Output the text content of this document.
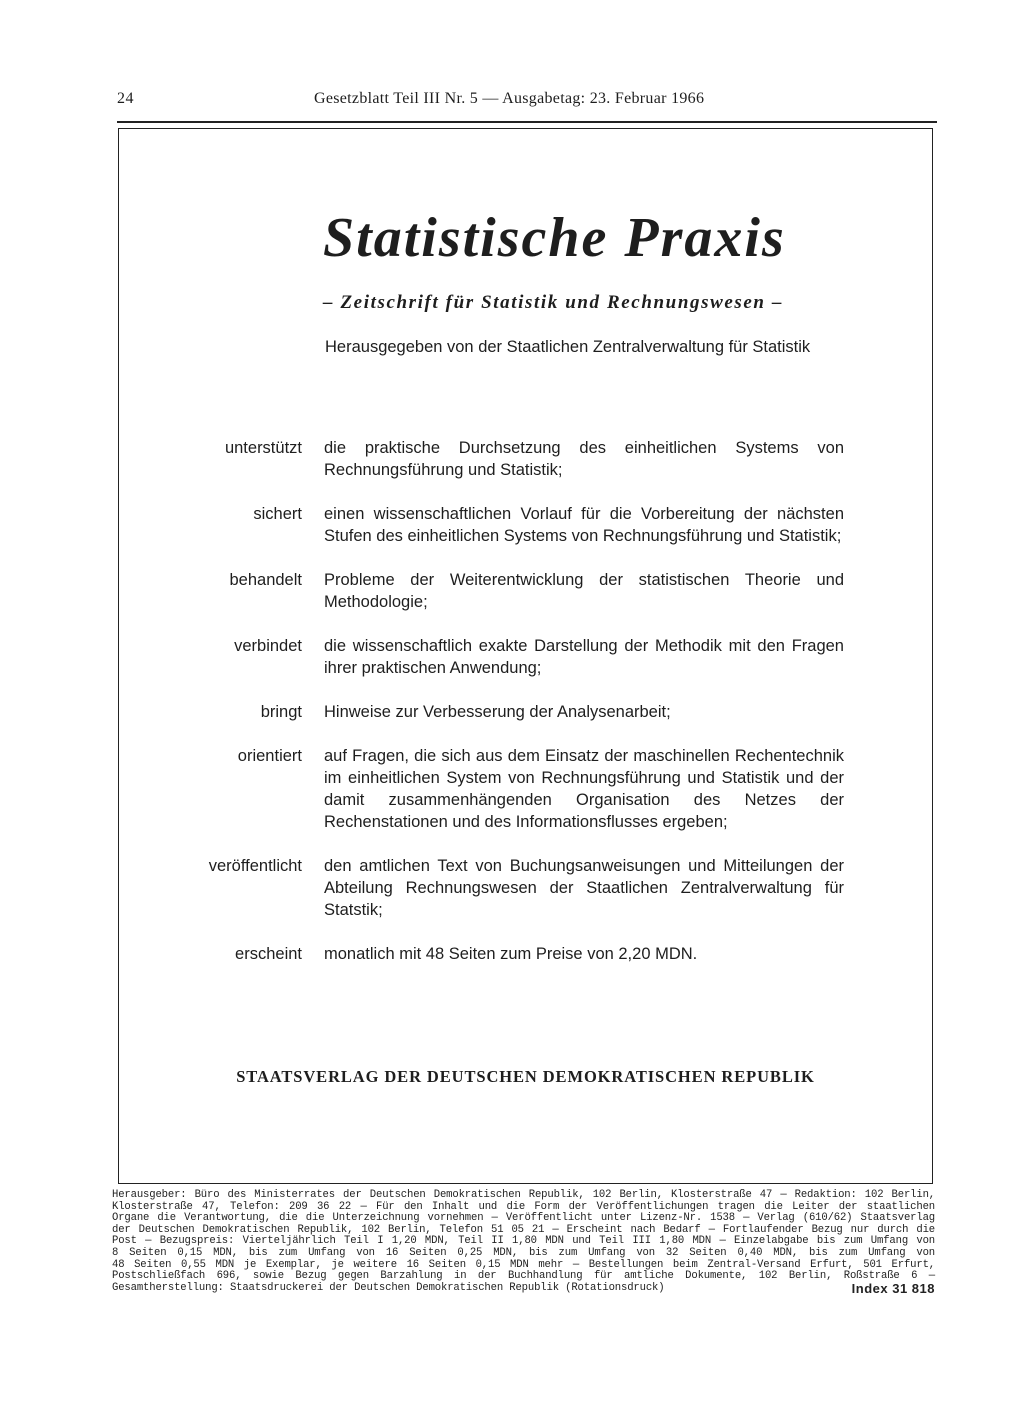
24	Gesetzblatt Teil III Nr. 5 — Ausgabetag: 23. Februar 1966
Statistische Praxis
– Zeitschrift für Statistik und Rechnungswesen –
Herausgegeben von der Staatlichen Zentralverwaltung für Statistik
unterstützt die praktische Durchsetzung des einheitlichen Systems von Rechnungsführung und Statistik;
sichert einen wissenschaftlichen Vorlauf für die Vorbereitung der nächsten Stufen des einheitlichen Systems von Rechnungsführung und Statistik;
behandelt Probleme der Weiterentwicklung der statistischen Theorie und Methodologie;
verbindet die wissenschaftlich exakte Darstellung der Methodik mit den Fragen ihrer praktischen Anwendung;
bringt Hinweise zur Verbesserung der Analysenarbeit;
orientiert auf Fragen, die sich aus dem Einsatz der maschinellen Rechentechnik im einheitlichen System von Rechnungsführung und Statistik und der damit zusammenhängenden Organisation des Netzes der Rechenstationen und des Informationsflusses ergeben;
veröffentlicht den amtlichen Text von Buchungsanweisungen und Mitteilungen der Abteilung Rechnungswesen der Staatlichen Zentralverwaltung für Statstik;
erscheint monatlich mit 48 Seiten zum Preise von 2,20 MDN.
STAATSVERLAG DER DEUTSCHEN DEMOKRATISCHEN REPUBLIK
Herausgeber: Büro des Ministerrates der Deutschen Demokratischen Republik, 102 Berlin, Klosterstraße 47 — Redaktion: 102 Berlin,
Klosterstraße 47, Telefon: 209 36 22 — Für den Inhalt und die Form der Veröffentlichungen tragen die Leiter der staatlichen
Organe die Verantwortung, die die Unterzeichnung vornehmen — Veröffentlicht unter Lizenz-Nr. 1538 — Verlag (610/62) Staatsverlag
der Deutschen Demokratischen Republik, 102 Berlin, Telefon 51 05 21 — Erscheint nach Bedarf — Fortlaufender Bezug nur durch die
Post — Bezugspreis: Vierteljährlich Teil I 1,20 MDN, Teil II 1,80 MDN und Teil III 1,80 MDN — Einzelabgabe bis zum Umfang von
8 Seiten 0,15 MDN, bis zum Umfang von 16 Seiten 0,25 MDN, bis zum Umfang von 32 Seiten 0,40 MDN, bis zum Umfang von
48 Seiten 0,55 MDN je Exemplar, je weitere 16 Seiten 0,15 MDN mehr — Bestellungen beim Zentral-Versand Erfurt, 501 Erfurt,
Postschließfach 696, sowie Bezug gegen Barzahlung in der Buchhandlung für amtliche Dokumente, 102 Berlin, Roßstraße 6 —
Gesamtherstellung: Staatsdruckerei der Deutschen Demokratischen Republik (Rotationsdruck)	Index 31 818
